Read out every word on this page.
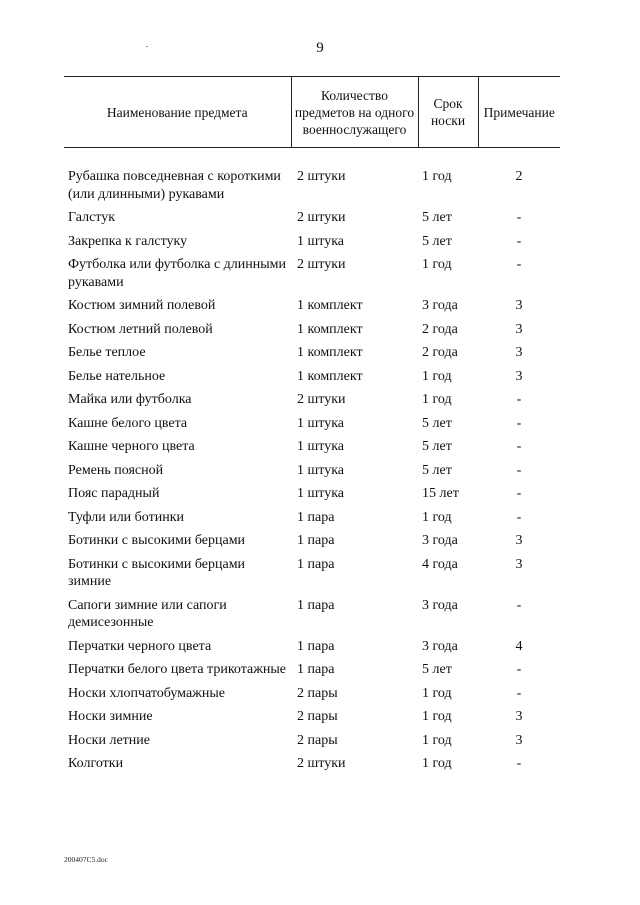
9
Наименование предмета	Количество предметов на одного военнослужащего	Срок носки	Примечание
Рубашка повседневная с короткими (или длинными) рукавами	2 штуки	1 год	2
Галстук	2 штуки	5 лет	-
Закрепка к галстуку	1 штука	5 лет	-
Футболка или футболка с длинными рукавами	2 штуки	1 год	-
Костюм зимний полевой	1 комплект	3 года	3
Костюм летний полевой	1 комплект	2 года	3
Белье теплое	1 комплект	2 года	3
Белье нательное	1 комплект	1 год	3
Майка или футболка	2 штуки	1 год	-
Кашне белого цвета	1 штука	5 лет	-
Кашне черного цвета	1 штука	5 лет	-
Ремень поясной	1 штука	5 лет	-
Пояс парадный	1 штука	15 лет	-
Туфли или ботинки	1 пара	1 год	-
Ботинки с высокими берцами	1 пара	3 года	3
Ботинки с высокими берцами зимние	1 пара	4 года	3
Сапоги зимние или сапоги демисезонные	1 пара	3 года	-
Перчатки черного цвета	1 пара	3 года	4
Перчатки белого цвета трикотажные	1 пара	5 лет	-
Носки хлопчатобумажные	2 пары	1 год	-
Носки зимние	2 пары	1 год	3
Носки летние	2 пары	1 год	3
Колготки	2 штуки	1 год	-
200407C5.doc
